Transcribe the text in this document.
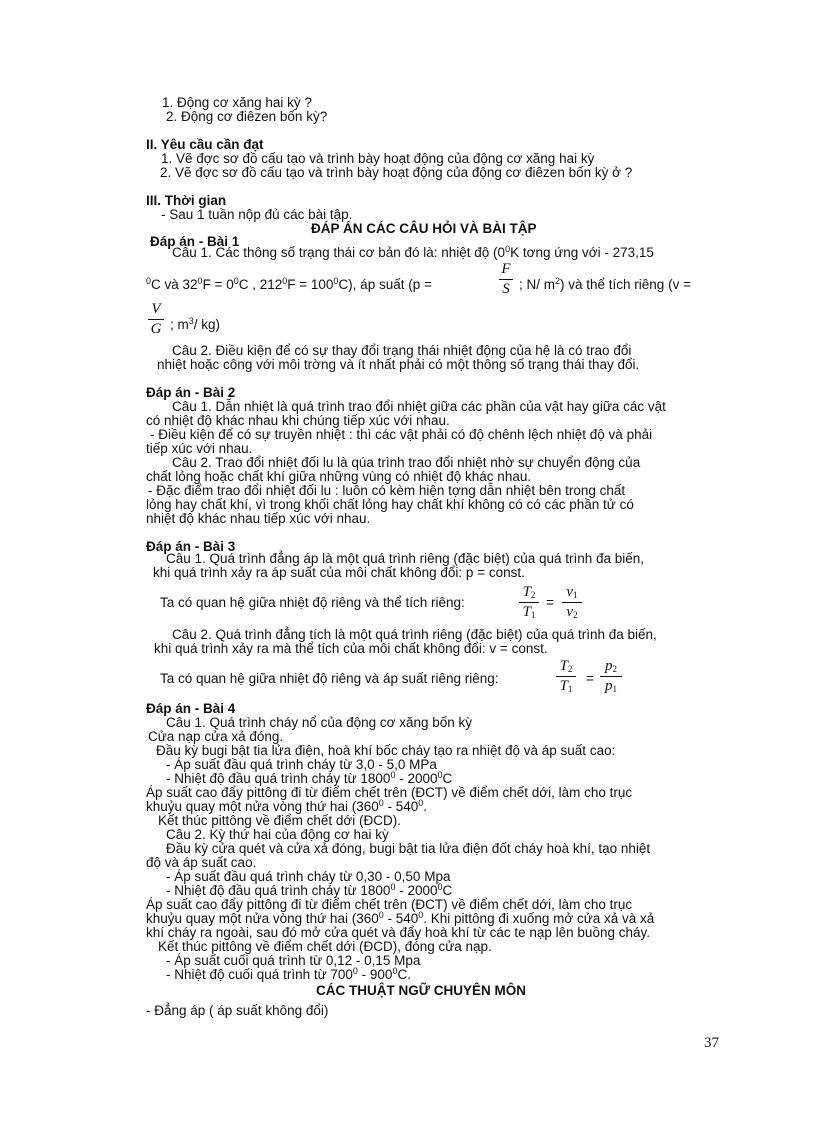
1. Động cơ xăng hai kỳ ?
2. Động cơ điêzen bốn kỳ?
II. Yêu cầu cần đạt
1. Vẽ đợc sơ đồ cấu tạo và trình bày hoạt động của động cơ xăng hai kỳ
2. Vẽ đợc sơ đồ cấu tạo và trình bày hoạt động của động cơ điêzen bốn kỳ ở ?
III. Thời gian
- Sau 1 tuần nộp đủ các bài tập.
ĐÁP ÁN CÁC CÂU HỎI VÀ BÀI TẬP
Đáp án - Bài 1
Câu 1. Các thông số trạng thái cơ bản đó là: nhiệt độ ($0^0K$ tơng ứng với - 273,15
$^0$C và $32^0F = 0^0C$ , $212^0F = 100^0C$), áp suất (p =
F
S ; N/ $m^2$) và thể tích riêng (v =
V
G ; $m^3/$ kg)
Câu 2. Điều kiện để có sự thay đổi trạng thái nhiệt động của hệ là có trao đổi
nhiệt hoặc công với môi trờng và ít nhất phải có một thông số trạng thái thay đổi.
Đáp án - Bài 2
Câu 1. Dẫn nhiệt là quá trình trao đổi nhiệt giữa các phần của vật hay giữa các vật
có nhiệt độ khác nhau khi chúng tiếp xúc với nhau.
- Điều kiện để có sự truyền nhiệt : thì các vật phải có độ chênh lệch nhiệt độ và phải
tiếp xúc với nhau.
Câu 2. Trao đổi nhiệt đối lu là qúa trình trao đổi nhiệt nhờ sự chuyển động của
chất lỏng hoặc chất khí giữa những vùng có nhiệt độ khác nhau.
- Đặc điểm trao đổi nhiệt đối lu : luôn có kèm hiện tợng dẫn nhiệt bên trong chất
lỏng hay chất khí, vì trong khối chất lỏng hay chất khí không có có các phần tử có
nhiệt độ khác nhau tiếp xúc với nhau.
Đáp án - Bài 3
Câu 1. Quá trình đẳng áp là một quá trình riêng (đặc biệt) của quá trình đa biến,
khi quá trình xảy ra áp suất của môi chất không đổi: p = const.
Ta có quan hệ giữa nhiệt độ riêng và thể tích riêng:
$T_2$
$T_1$
=
$v_1$
$v_2$
Câu 2. Quá trình đẳng tích là một quá trình riêng (đặc biệt) của quá trình đa biến,
khi quá trình xảy ra mà thể tích của môi chất không đổi: v = const.
Ta có quan hệ giữa nhiệt độ riêng và áp suất riêng riêng:
$T_2$
$T_1$
=
$p_2$
$p_1$
Đáp án - Bài 4
Câu 1. Quá trình cháy nổ của động cơ xăng bốn kỳ
Cửa nạp cửa xả đóng.
Đầu kỳ bugi bật tia lửa điện, hoà khí bốc cháy tạo ra nhiệt độ và áp suất cao:
- Áp suất đầu quá trình cháy từ 3,0 - 5,0 MPa
- Nhiệt độ đầu quá trình cháy từ 1800$^0$ - 2000$^0$C
Áp suất cao đẩy pittông đi từ điểm chết trên (ĐCT) về điểm chết dới, làm cho trục
khuỷu quay một nửa vòng thứ hai ($360^0 - 540^0$.
Kết thúc pittông về điểm chết dới (ĐCD).
Câu 2. Kỳ thứ hai của động cơ hai kỳ
Đầu kỳ cửa quét và cửa xả đóng, bugi bật tia lửa điện đốt cháy hoà khí, tạo nhiệt
độ và áp suất cao.
- Áp suất đầu quá trình cháy từ 0,30 - 0,50 Mpa
- Nhiệt độ đầu quá trình cháy từ 1800$^0$ - 2000$^0$C
Áp suất cao đẩy pittông đi từ điểm chết trên (ĐCT) về điểm chết dới, làm cho trục
khuỷu quay một nửa vòng thứ hai ($360^0 - 540^0$. Khi pittông đi xuống mở cửa xả và xả
khí cháy ra ngoài, sau đó mở cửa quét và đẩy hoà khí từ các te nạp lên buồng cháy.
Kết thúc pittông về điểm chết dới (ĐCD), đóng cửa nạp.
- Áp suất cuối quá trình từ 0,12 - 0,15 Mpa
- Nhiệt độ cuối quá trình từ $700^0 - 900^0C$.
CÁC THUẬT NGỮ CHUYÊN MÔN
- Đẳng áp ( áp suất không đổi)
37
